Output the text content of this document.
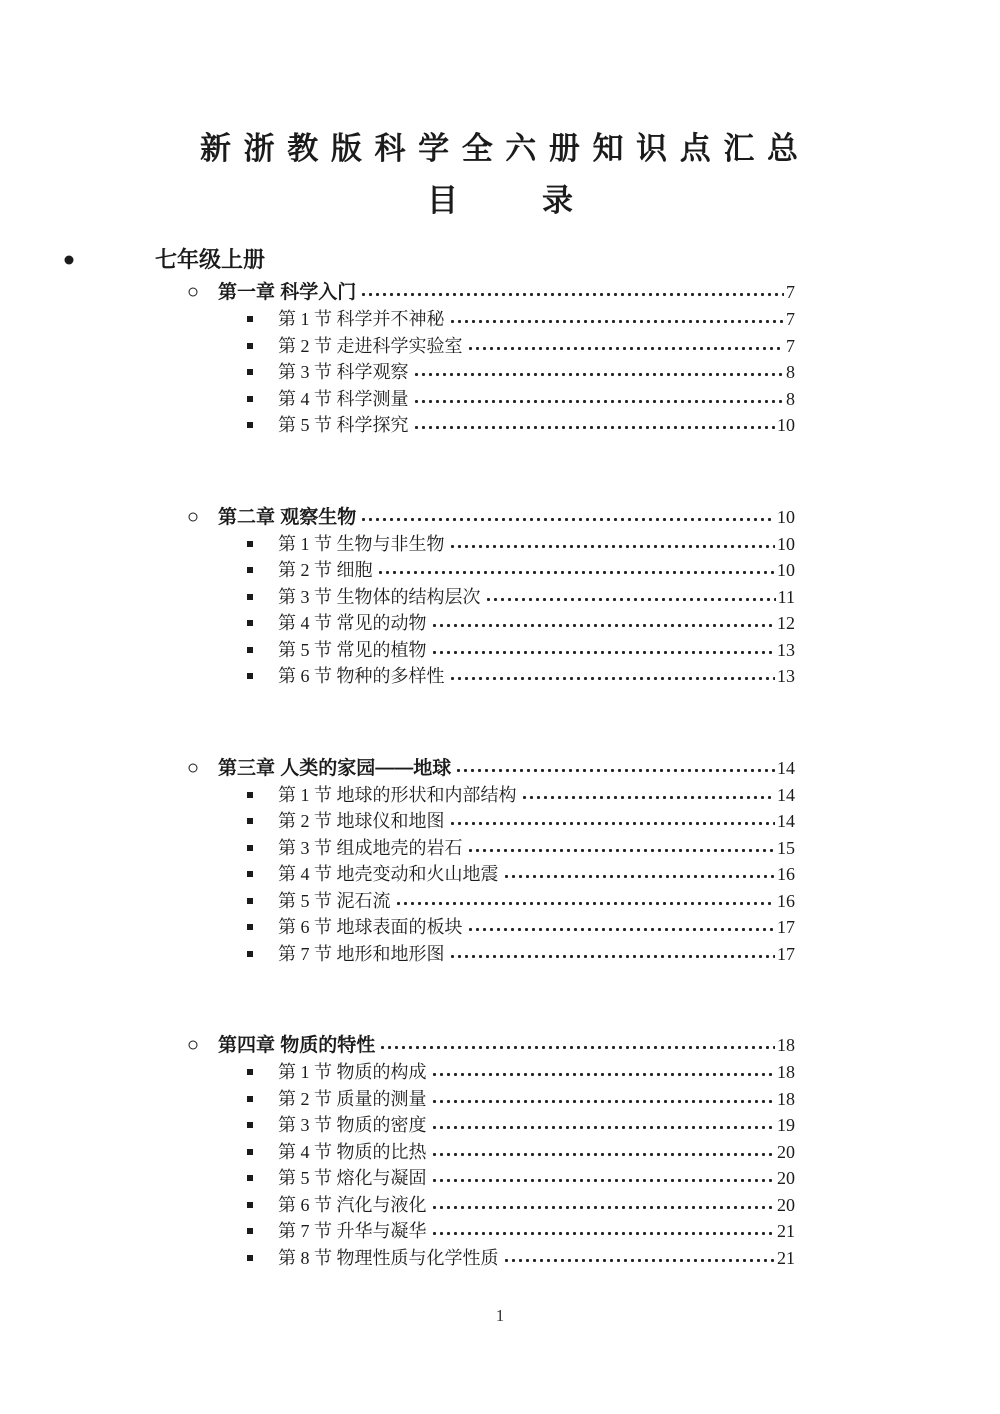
新 浙 教 版 科 学 全 六 册 知 识 点 汇 总
目	录
七年级上册
第一章 科学入门	7
第 1 节 科学并不神秘	7
第 2 节 走进科学实验室	7
第 3 节 科学观察	8
第 4 节 科学测量	8
第 5 节 科学探究	10
第二章 观察生物	10
第 1 节 生物与非生物	10
第 2 节 细胞	10
第 3 节 生物体的结构层次	11
第 4 节 常见的动物	12
第 5 节 常见的植物	13
第 6 节 物种的多样性	13
第三章 人类的家园——地球	14
第 1 节 地球的形状和内部结构	14
第 2 节 地球仪和地图	14
第 3 节 组成地壳的岩石	15
第 4 节 地壳变动和火山地震	16
第 5 节 泥石流	16
第 6 节 地球表面的板块	17
第 7 节 地形和地形图	17
第四章 物质的特性	18
第 1 节 物质的构成	18
第 2 节 质量的测量	18
第 3 节 物质的密度	19
第 4 节 物质的比热	20
第 5 节 熔化与凝固	20
第 6 节 汽化与液化	20
第 7 节 升华与凝华	21
第 8 节 物理性质与化学性质	21
1
